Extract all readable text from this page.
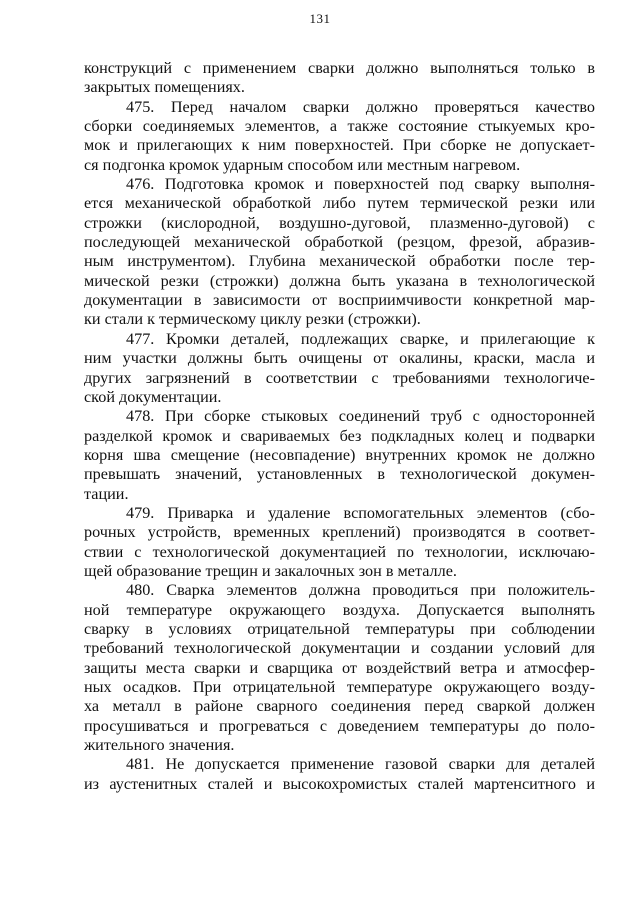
131
конструкций с применением сварки должно выполняться только в
закрытых помещениях.
475. Перед началом сварки должно проверяться качество
сборки соединяемых элементов, а также состояние стыкуемых кро-
мок и прилегающих к ним поверхностей. При сборке не допускает-
ся подгонка кромок ударным способом или местным нагревом.
476. Подготовка кромок и поверхностей под сварку выполня-
ется механической обработкой либо путем термической резки или
строжки (кислородной, воздушно-дуговой, плазменно-дуговой) с
последующей механической обработкой (резцом, фрезой, абразив-
ным инструментом). Глубина механической обработки после тер-
мической резки (строжки) должна быть указана в технологической
документации в зависимости от восприимчивости конкретной мар-
ки стали к термическому циклу резки (строжки).
477. Кромки деталей, подлежащих сварке, и прилегающие к
ним участки должны быть очищены от окалины, краски, масла и
других загрязнений в соответствии с требованиями технологиче-
ской документации.
478. При сборке стыковых соединений труб с односторонней
разделкой кромок и свариваемых без подкладных колец и подварки
корня шва смещение (несовпадение) внутренних кромок не должно
превышать значений, установленных в технологической докумен-
тации.
479. Приварка и удаление вспомогательных элементов (сбо-
рочных устройств, временных креплений) производятся в соответ-
ствии с технологической документацией по технологии, исключаю-
щей образование трещин и закалочных зон в металле.
480. Сварка элементов должна проводиться при положитель-
ной температуре окружающего воздуха. Допускается выполнять
сварку в условиях отрицательной температуры при соблюдении
требований технологической документации и создании условий для
защиты места сварки и сварщика от воздействий ветра и атмосфер-
ных осадков. При отрицательной температуре окружающего возду-
ха металл в районе сварного соединения перед сваркой должен
просушиваться и прогреваться с доведением температуры до поло-
жительного значения.
481. Не допускается применение газовой сварки для деталей
из аустенитных сталей и высокохромистых сталей мартенситного и
